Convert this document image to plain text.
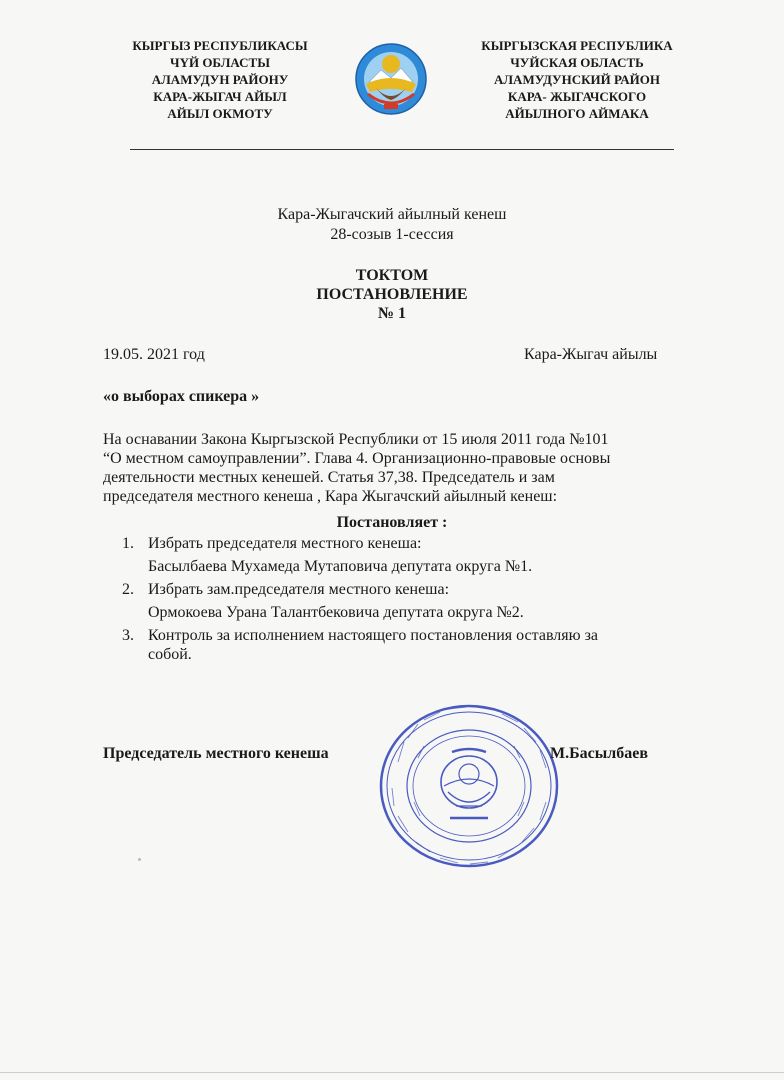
КЫРГЫЗ РЕСПУБЛИКАСЫ
ЧҮЙ ОБЛАСТЫ
АЛАМУДУН РАЙОНУ
КАРА-ЖЫГАЧ АЙЫЛ
АЙЫЛ ОКМОТУ
КЫРГЫЗСКАЯ РЕСПУБЛИКА
ЧУЙСКАЯ ОБЛАСТЬ
АЛАМУДУНСКИЙ РАЙОН
КАРА- ЖЫГАЧСКОГО
АЙЫЛНОГО АЙМАКА
Кара-Жыгачский айылный кенеш
28-созыв 1-сессия
ТОКТОМ
ПОСТАНОВЛЕНИЕ
№ 1
19.05. 2021 год	Кара-Жыгач айылы
«о выборах спикера »
На оснавании Закона Кыргызской Республики от 15 июля 2011 года №101
“О местном самоуправлении”. Глава 4. Организационно-правовые основы
деятельности местных кенешей. Статья 37,38. Председатель и зам
председателя местного кенеша , Кара Жыгачский айылный кенеш:
Постановляет :
1. Избрать председателя местного кенеша:
Басылбаева Мухамеда Мутаповича депутата округа №1.
2. Избрать зам.председателя местного кенеша:
Ормокоева Урана Талантбековича депутата округа №2.
3. Контроль за исполнением настоящего постановления оставляю за
собой.
Председатель местного кенеша	М.Басылбаев
